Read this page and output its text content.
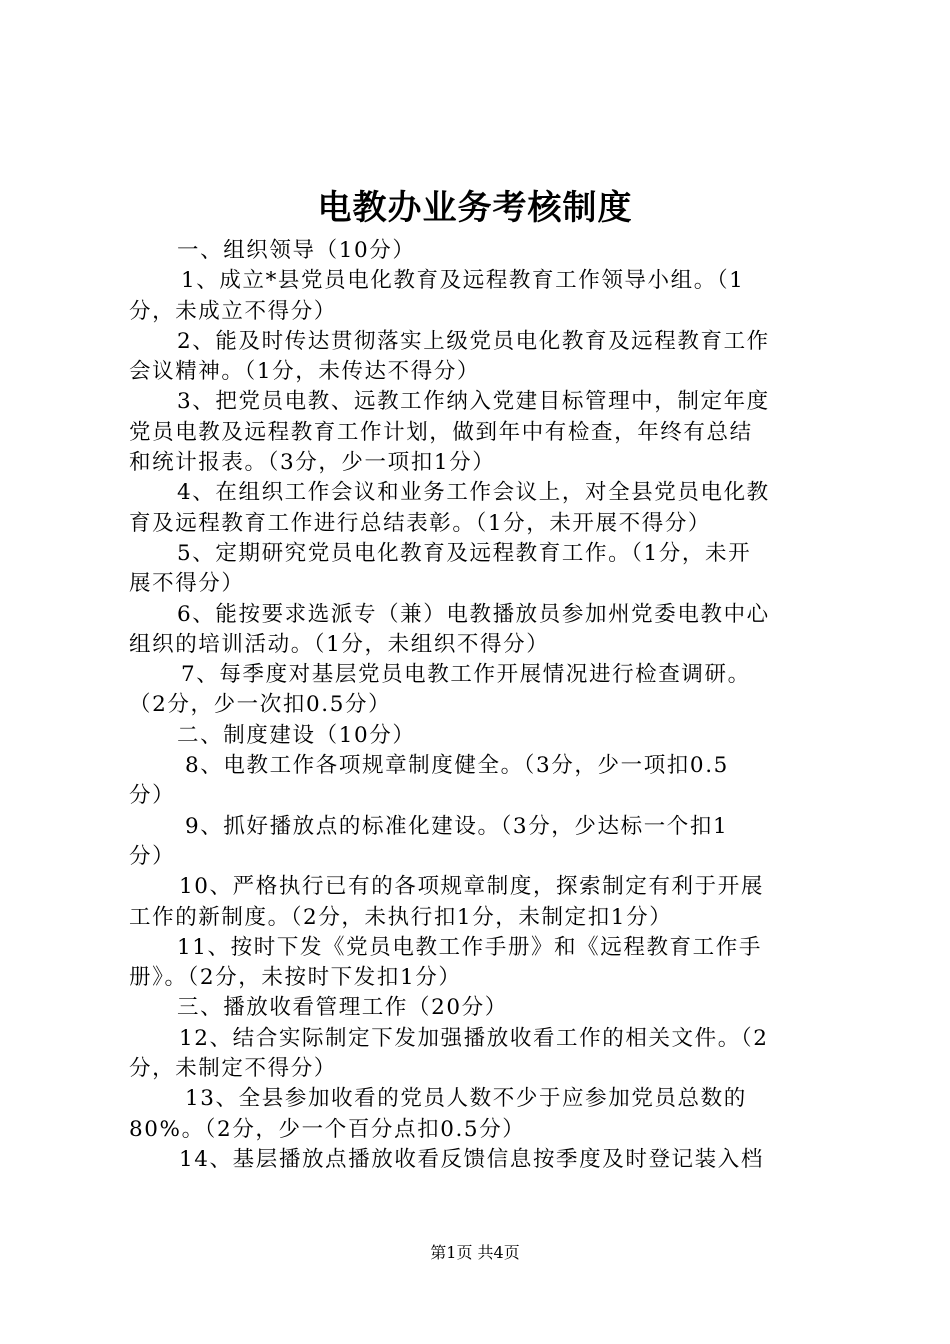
电教办业务考核制度
一、组织领导（10分）
1、成立*县党员电化教育及远程教育工作领导小组。（1
分，未成立不得分）
2、能及时传达贯彻落实上级党员电化教育及远程教育工作
会议精神。（1分，未传达不得分）
3、把党员电教、远教工作纳入党建目标管理中，制定年度
党员电教及远程教育工作计划，做到年中有检查，年终有总结
和统计报表。（3分，少一项扣1分）
4、在组织工作会议和业务工作会议上，对全县党员电化教
育及远程教育工作进行总结表彰。（1分，未开展不得分）
5、定期研究党员电化教育及远程教育工作。（1分，未开
展不得分）
6、能按要求选派专（兼）电教播放员参加州党委电教中心
组织的培训活动。（1分，未组织不得分）
7、每季度对基层党员电教工作开展情况进行检查调研。
（2分，少一次扣0.5分）
二、制度建设（10分）
8、电教工作各项规章制度健全。（3分，少一项扣0.5
分）
9、抓好播放点的标准化建设。（3分，少达标一个扣1
分）
10、严格执行已有的各项规章制度，探索制定有利于开展
工作的新制度。（2分，未执行扣1分，未制定扣1分）
11、按时下发《党员电教工作手册》和《远程教育工作手
册》。（2分，未按时下发扣1分）
三、播放收看管理工作（20分）
12、结合实际制定下发加强播放收看工作的相关文件。（2
分，未制定不得分）
13、全县参加收看的党员人数不少于应参加党员总数的
80%。（2分，少一个百分点扣0.5分）
14、基层播放点播放收看反馈信息按季度及时登记装入档
第1页 共4页
